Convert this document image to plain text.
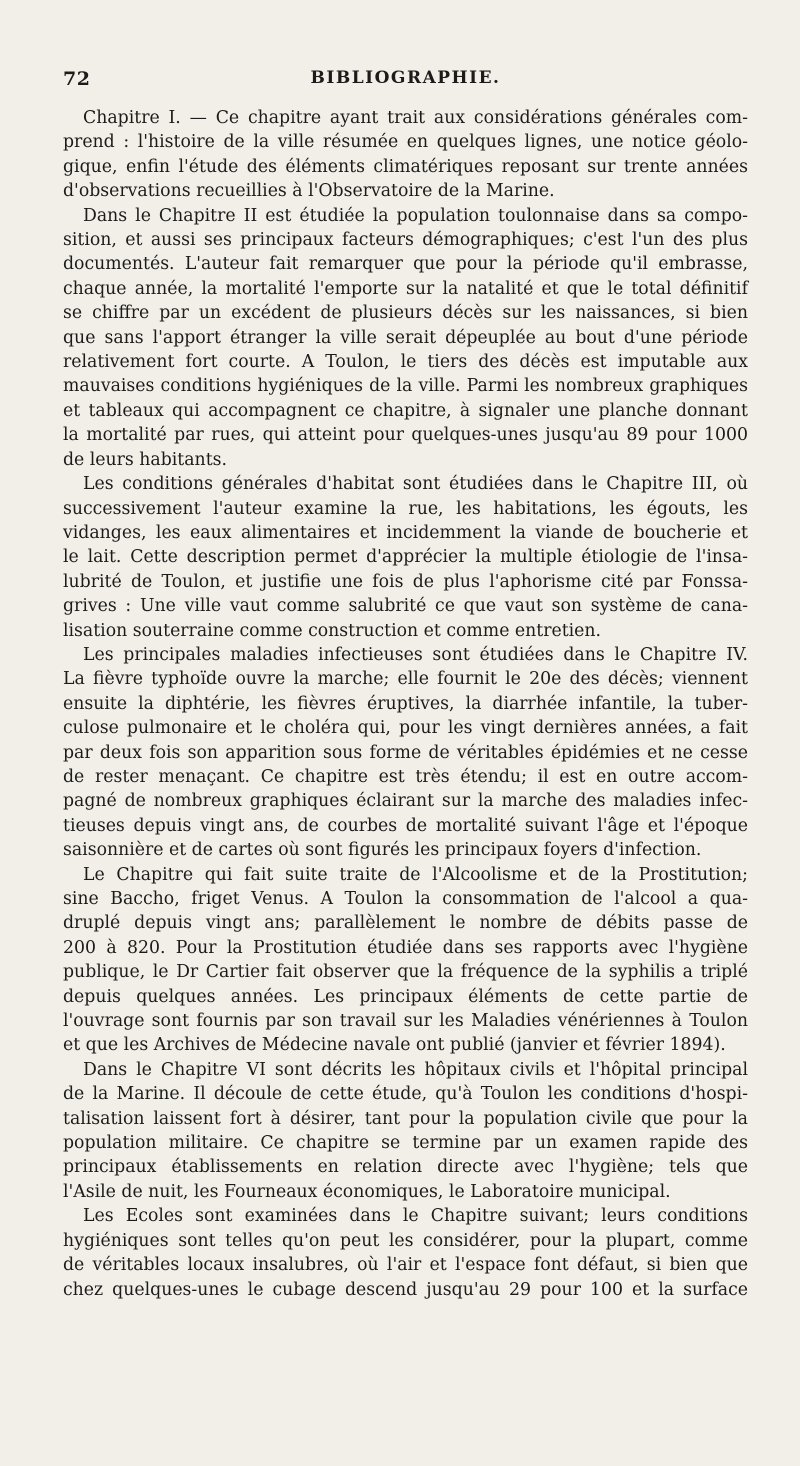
72	BIBLIOGRAPHIE.
Chapitre I. — Ce chapitre ayant trait aux considérations générales com-
prend : l'histoire de la ville résumée en quelques lignes, une notice géolo-
gique, enfin l'étude des éléments climatériques reposant sur trente années
d'observations recueillies à l'Observatoire de la Marine.
Dans le Chapitre II est étudiée la population toulonnaise dans sa compo-
sition, et aussi ses principaux facteurs démographiques; c'est l'un des plus
documentés. L'auteur fait remarquer que pour la période qu'il embrasse,
chaque année, la mortalité l'emporte sur la natalité et que le total définitif
se chiffre par un excédent de plusieurs décès sur les naissances, si bien
que sans l'apport étranger la ville serait dépeuplée au bout d'une période
relativement fort courte. A Toulon, le tiers des décès est imputable aux
mauvaises conditions hygiéniques de la ville. Parmi les nombreux graphiques
et tableaux qui accompagnent ce chapitre, à signaler une planche donnant
la mortalité par rues, qui atteint pour quelques-unes jusqu'au 89 pour 1000
de leurs habitants.
Les conditions générales d'habitat sont étudiées dans le Chapitre III, où
successivement l'auteur examine la rue, les habitations, les égouts, les
vidanges, les eaux alimentaires et incidemment la viande de boucherie et
le lait. Cette description permet d'apprécier la multiple étiologie de l'insa-
lubrité de Toulon, et justifie une fois de plus l'aphorisme cité par Fonssa-
grives : Une ville vaut comme salubrité ce que vaut son système de cana-
lisation souterraine comme construction et comme entretien.
Les principales maladies infectieuses sont étudiées dans le Chapitre IV.
La fièvre typhoïde ouvre la marche; elle fournit le 20e des décès; viennent
ensuite la diphtérie, les fièvres éruptives, la diarrhée infantile, la tuber-
culose pulmonaire et le choléra qui, pour les vingt dernières années, a fait
par deux fois son apparition sous forme de véritables épidémies et ne cesse
de rester menaçant. Ce chapitre est très étendu; il est en outre accom-
pagné de nombreux graphiques éclairant sur la marche des maladies infec-
tieuses depuis vingt ans, de courbes de mortalité suivant l'âge et l'époque
saisonnière et de cartes où sont figurés les principaux foyers d'infection.
Le Chapitre qui fait suite traite de l'Alcoolisme et de la Prostitution;
sine Baccho, friget Venus. A Toulon la consommation de l'alcool a qua-
druplé depuis vingt ans; parallèlement le nombre de débits passe de
200 à 820. Pour la Prostitution étudiée dans ses rapports avec l'hygiène
publique, le Dr Cartier fait observer que la fréquence de la syphilis a triplé
depuis quelques années. Les principaux éléments de cette partie de
l'ouvrage sont fournis par son travail sur les Maladies vénériennes à Toulon
et que les Archives de Médecine navale ont publié (janvier et février 1894).
Dans le Chapitre VI sont décrits les hôpitaux civils et l'hôpital principal
de la Marine. Il découle de cette étude, qu'à Toulon les conditions d'hospi-
talisation laissent fort à désirer, tant pour la population civile que pour la
population militaire. Ce chapitre se termine par un examen rapide des
principaux établissements en relation directe avec l'hygiène; tels que
l'Asile de nuit, les Fourneaux économiques, le Laboratoire municipal.
Les Ecoles sont examinées dans le Chapitre suivant; leurs conditions
hygiéniques sont telles qu'on peut les considérer, pour la plupart, comme
de véritables locaux insalubres, où l'air et l'espace font défaut, si bien que
chez quelques-unes le cubage descend jusqu'au 29 pour 100 et la surface
